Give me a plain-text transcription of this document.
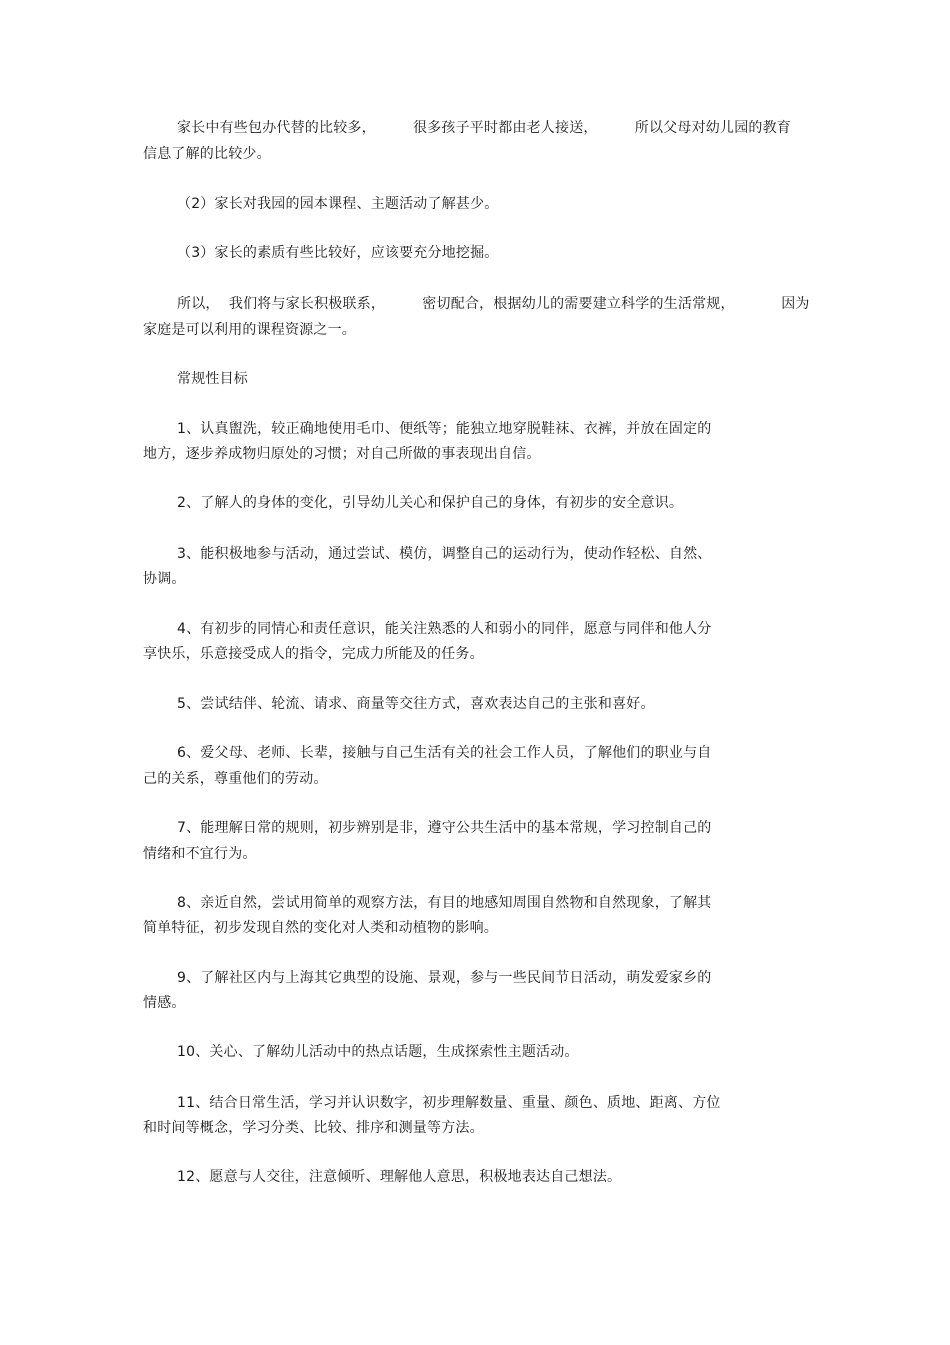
家长中有些包办代替的比较多，        很多孩子平时都由老人接送，        所以父母对幼儿园的教育
信息了解的比较少。
（2）家长对我园的园本课程、主题活动了解甚少。
（3）家长的素质有些比较好，应该要充分地挖掘。
所以，  我们将与家长积极联系，        密切配合，根据幼儿的需要建立科学的生活常规，          因为
家庭是可以利用的课程资源之一。
常规性目标
1、认真盥洗，较正确地使用毛巾、便纸等；能独立地穿脱鞋袜、衣裤，并放在固定的
地方，逐步养成物归原处的习惯；对自己所做的事表现出自信。
2、了解人的身体的变化，引导幼儿关心和保护自己的身体，有初步的安全意识。
3、能积极地参与活动，通过尝试、模仿，调整自己的运动行为，使动作轻松、自然、
协调。
4、有初步的同情心和责任意识，能关注熟悉的人和弱小的同伴，愿意与同伴和他人分
享快乐，乐意接受成人的指令，完成力所能及的任务。
5、尝试结伴、轮流、请求、商量等交往方式，喜欢表达自己的主张和喜好。
6、爱父母、老师、长辈，接触与自己生活有关的社会工作人员，了解他们的职业与自
己的关系，尊重他们的劳动。
7、能理解日常的规则，初步辨别是非，遵守公共生活中的基本常规，学习控制自己的
情绪和不宜行为。
8、亲近自然，尝试用简单的观察方法，有目的地感知周围自然物和自然现象，了解其
简单特征，初步发现自然的变化对人类和动植物的影响。
9、了解社区内与上海其它典型的设施、景观，参与一些民间节日活动，萌发爱家乡的
情感。
10、关心、了解幼儿活动中的热点话题，生成探索性主题活动。
11、结合日常生活，学习并认识数字，初步理解数量、重量、颜色、质地、距离、方位
和时间等概念，学习分类、比较、排序和测量等方法。
12、愿意与人交往，注意倾听、理解他人意思，积极地表达自己想法。
